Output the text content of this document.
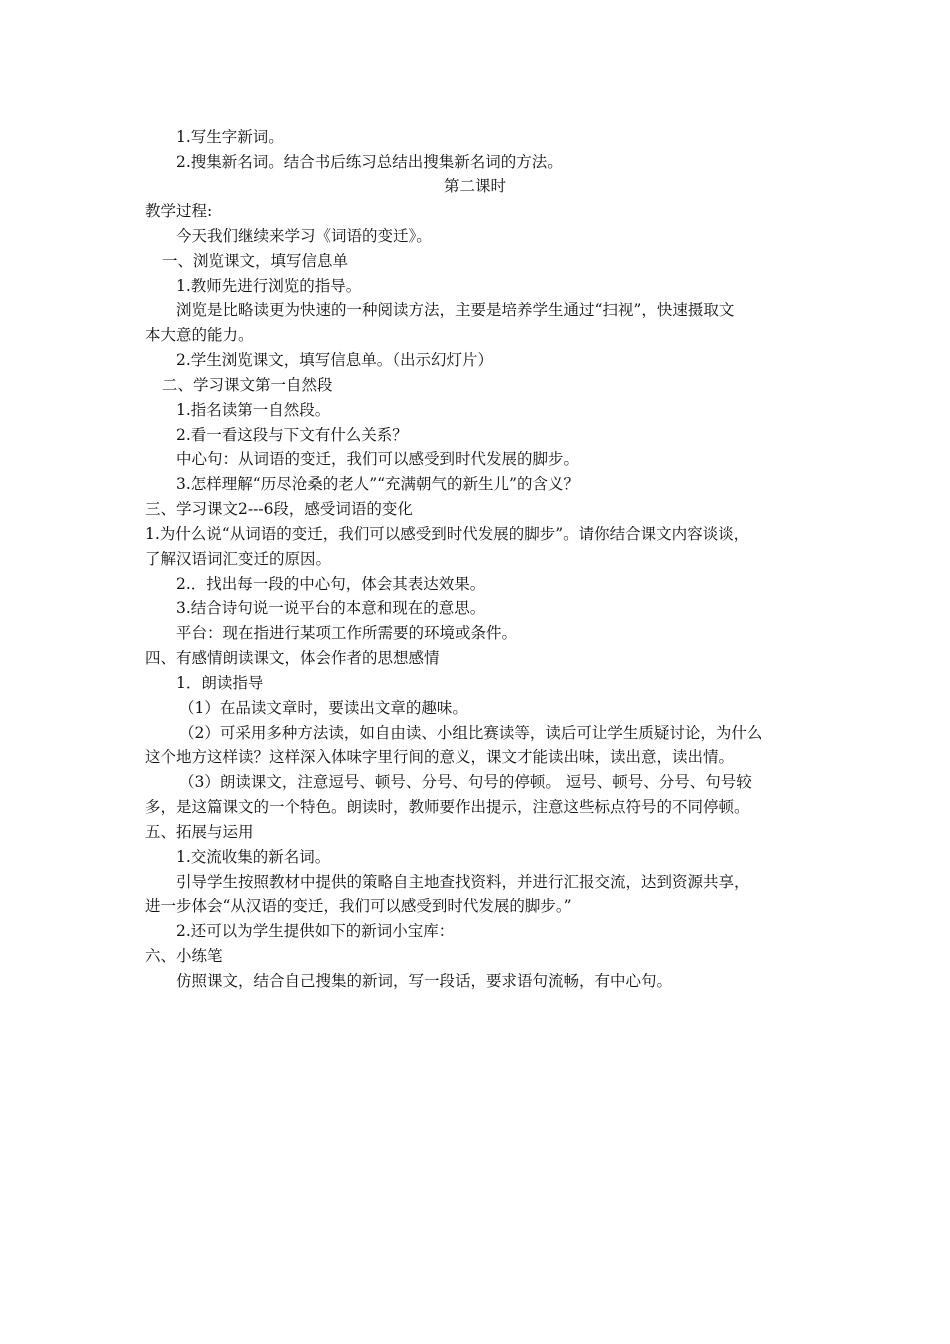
1.写生字新词。
2.搜集新名词。结合书后练习总结出搜集新名词的方法。
第二课时
教学过程:
今天我们继续来学习《词语的变迁》。
一、浏览课文，填写信息单
1.教师先进行浏览的指导。
浏览是比略读更为快速的一种阅读方法，主要是培养学生通过“扫视”，快速摄取文
本大意的能力。
2.学生浏览课文，填写信息单。（出示幻灯片）
二、学习课文第一自然段
1.指名读第一自然段。
2.看一看这段与下文有什么关系？
中心句：从词语的变迁，我们可以感受到时代发展的脚步。
3.怎样理解“历尽沧桑的老人”“充满朝气的新生儿”的含义？
三、学习课文2---6段，感受词语的变化
1.为什么说“从词语的变迁，我们可以感受到时代发展的脚步”。请你结合课文内容谈谈，
了解汉语词汇变迁的原因。
2.．找出每一段的中心句，体会其表达效果。
3.结合诗句说一说平台的本意和现在的意思。
平台：现在指进行某项工作所需要的环境或条件。
四、有感情朗读课文，体会作者的思想感情
1．朗读指导
（1）在品读文章时，要读出文章的趣味。
（2）可采用多种方法读，如自由读、小组比赛读等，读后可让学生质疑讨论，为什么
这个地方这样读？这样深入体味字里行间的意义，课文才能读出味，读出意，读出情。
（3）朗读课文，注意逗号、顿号、分号、句号的停顿。 逗号、顿号、分号、句号较
多，是这篇课文的一个特色。朗读时，教师要作出提示，注意这些标点符号的不同停顿。
五、拓展与运用
1.交流收集的新名词。
引导学生按照教材中提供的策略自主地查找资料，并进行汇报交流，达到资源共享，
进一步体会“从汉语的变迁，我们可以感受到时代发展的脚步。”
2.还可以为学生提供如下的新词小宝库：
六、小练笔
仿照课文，结合自己搜集的新词，写一段话，要求语句流畅，有中心句。
